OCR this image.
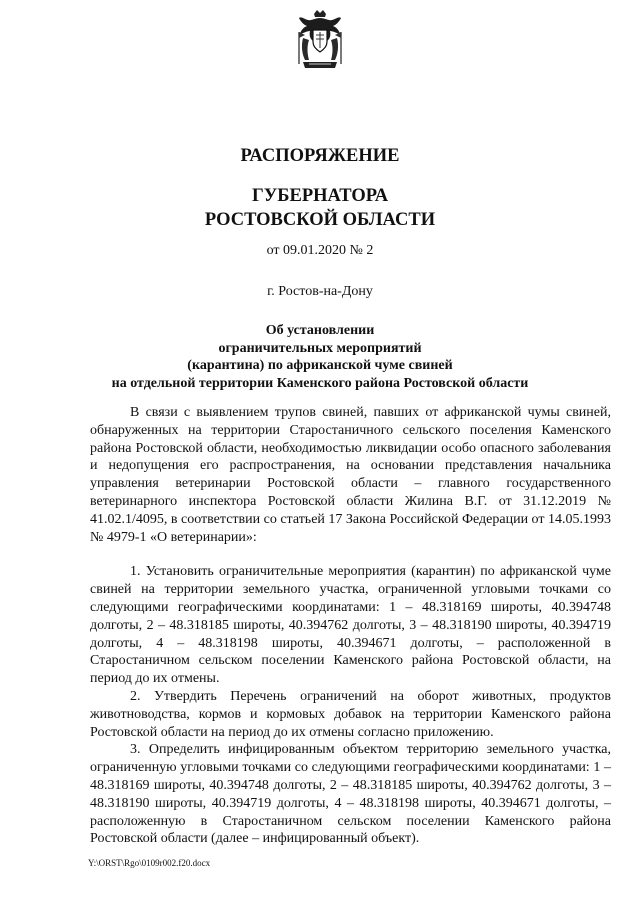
РАСПОРЯЖЕНИЕ
ГУБЕРНАТОРА
РОСТОВСКОЙ ОБЛАСТИ

от 09.01.2020 № 2

г. Ростов-на-Дону

Об установлении
ограничительных мероприятий
(карантина) по африканской чуме свиней
на отдельной территории Каменского района Ростовской области

В связи с выявлением трупов свиней, павших от африканской чумы свиней, обнаруженных на территории Старостаничного сельского поселения Каменского района Ростовской области, необходимостью ликвидации особо опасного заболевания и недопущения его распространения, на основании представления начальника управления ветеринарии Ростовской области – главного государственного ветеринарного инспектора Ростовской области Жилина В.Г. от 31.12.2019 № 41.02.1/4095, в соответствии со статьей 17 Закона Российской Федерации от 14.05.1993 № 4979-1 «О ветеринарии»:

1. Установить ограничительные мероприятия (карантин) по африканской чуме свиней на территории земельного участка, ограниченной угловыми точками со следующими географическими координатами: 1 – 48.318169 широты, 40.394748 долготы, 2 – 48.318185 широты, 40.394762 долготы, 3 – 48.318190 широты, 40.394719 долготы, 4 – 48.318198 широты, 40.394671 долготы, – расположенной в Старостаничном сельском поселении Каменского района Ростовской области, на период до их отмены.

2. Утвердить Перечень ограничений на оборот животных, продуктов животноводства, кормов и кормовых добавок на территории Каменского района Ростовской области на период до их отмены согласно приложению.

3. Определить инфицированным объектом территорию земельного участка, ограниченную угловыми точками со следующими географическими координатами: 1 – 48.318169 широты, 40.394748 долготы, 2 – 48.318185 широты, 40.394762 долготы, 3 – 48.318190 широты, 40.394719 долготы, 4 – 48.318198 широты, 40.394671 долготы, – расположенную в Старостаничном сельском поселении Каменского района Ростовской области (далее – инфицированный объект).

Y:\ORST\Rgo\0109r002.f20.docx
